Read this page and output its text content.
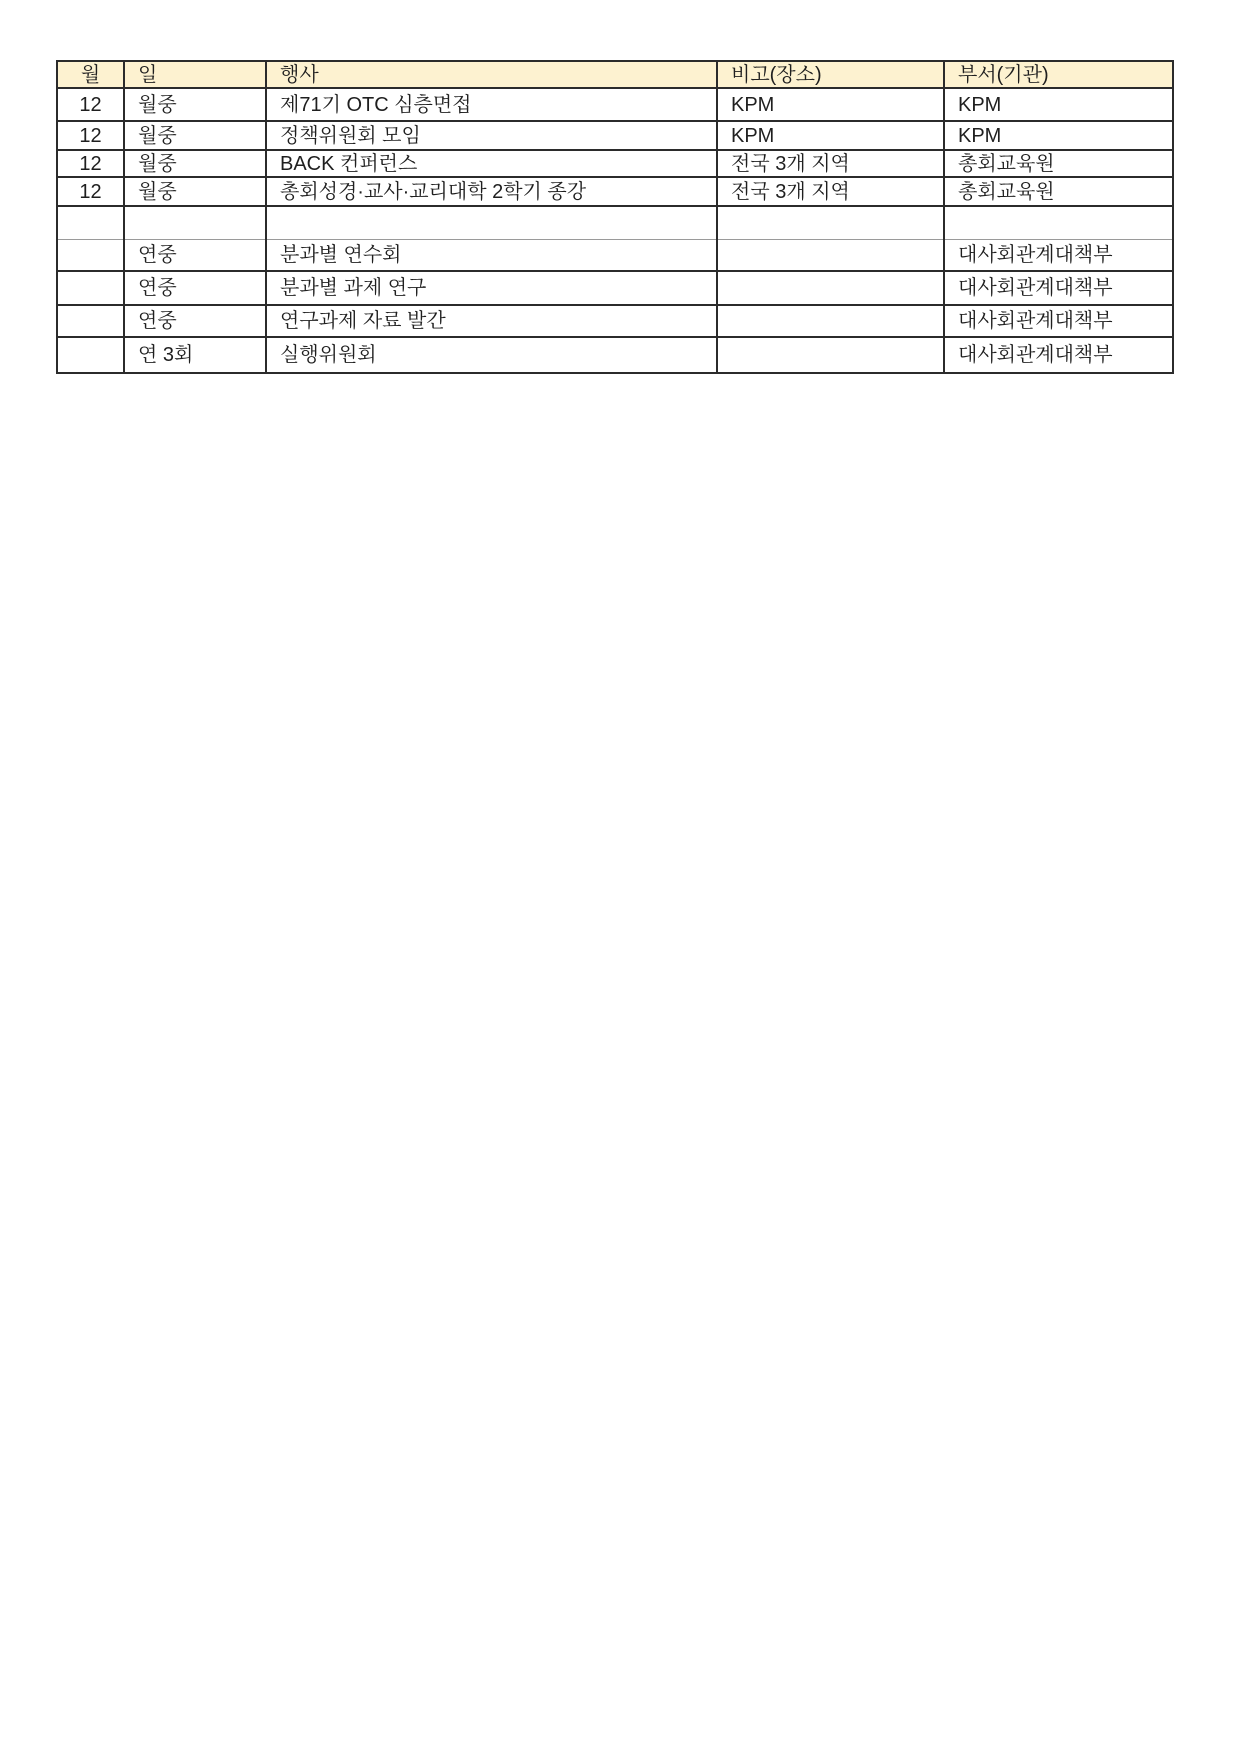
월	일	행사	비고(장소)	부서(기관)
12	월중	제71기 OTC 심층면접	KPM	KPM
12	월중	정책위원회 모임	KPM	KPM
12	월중	BACK 컨퍼런스	전국 3개 지역	총회교육원
12	월중	총회성경·교사·교리대학 2학기 종강	전국 3개 지역	총회교육원

	연중	분과별 연수회		대사회관계대책부
	연중	분과별 과제 연구		대사회관계대책부
	연중	연구과제 자료 발간		대사회관계대책부
	연 3회	실행위원회		대사회관계대책부
